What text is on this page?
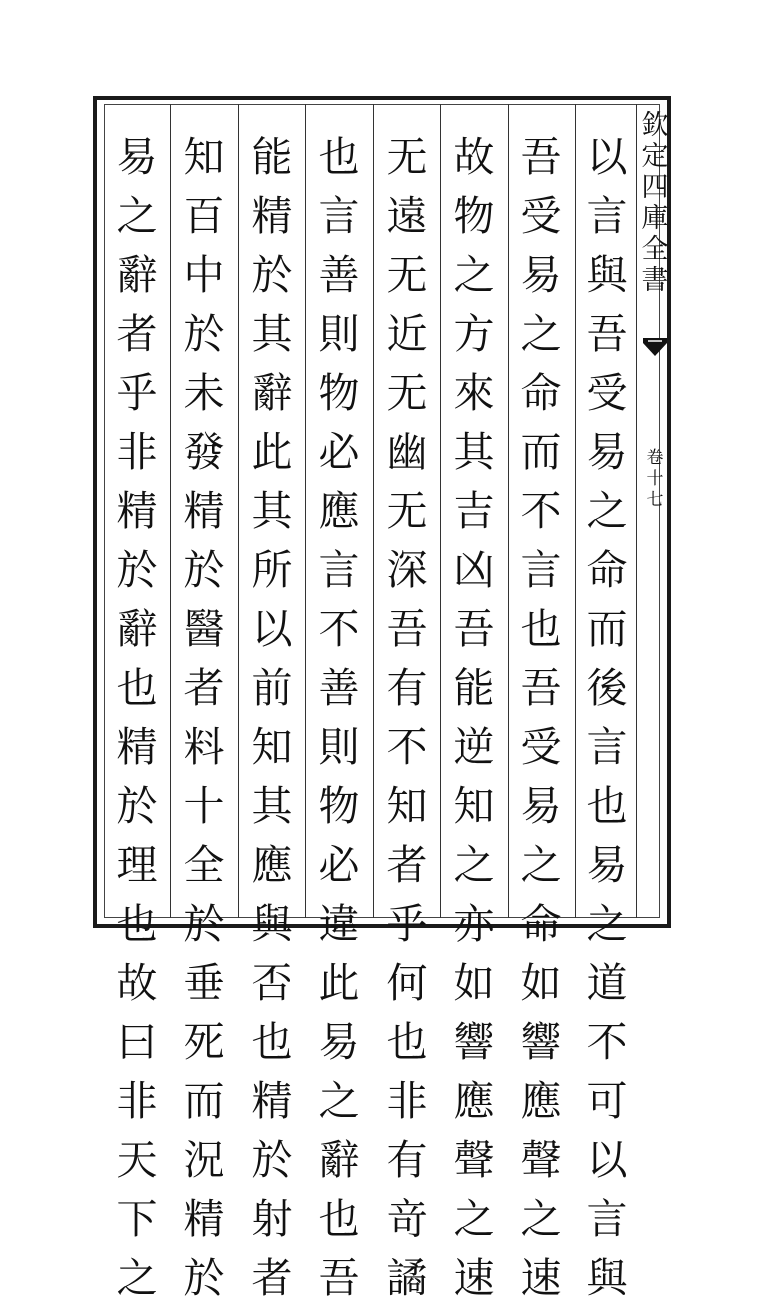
以
言
與
吾
受
易
之
命
而
後
言
也
易
之
道
不
可
以
言
與
吾
受
易
之
命
而
不
言
也
吾
受
易
之
命
如
響
應
聲
之
速
故
物
之
方
來
其
吉
凶
吾
能
逆
知
之
亦
如
響
應
聲
之
速
无
遠
无
近
无
幽
无
深
吾
有
不
知
者
乎
何
也
非
有
竒
譎
也
言
善
則
物
必
應
言
不
善
則
物
必
違
此
易
之
辭
也
吾
能
精
於
其
辭
此
其
所
以
前
知
其
應
與
否
也
精
於
射
者
知
百
中
於
未
發
精
於
醫
者
料
十
全
於
垂
死
而
況
精
於
易
之
辭
者
乎
非
精
於
辭
也
精
於
理
也
故
曰
非
天
下
之
欽
定
四
庫
全
書
卷
十
七
